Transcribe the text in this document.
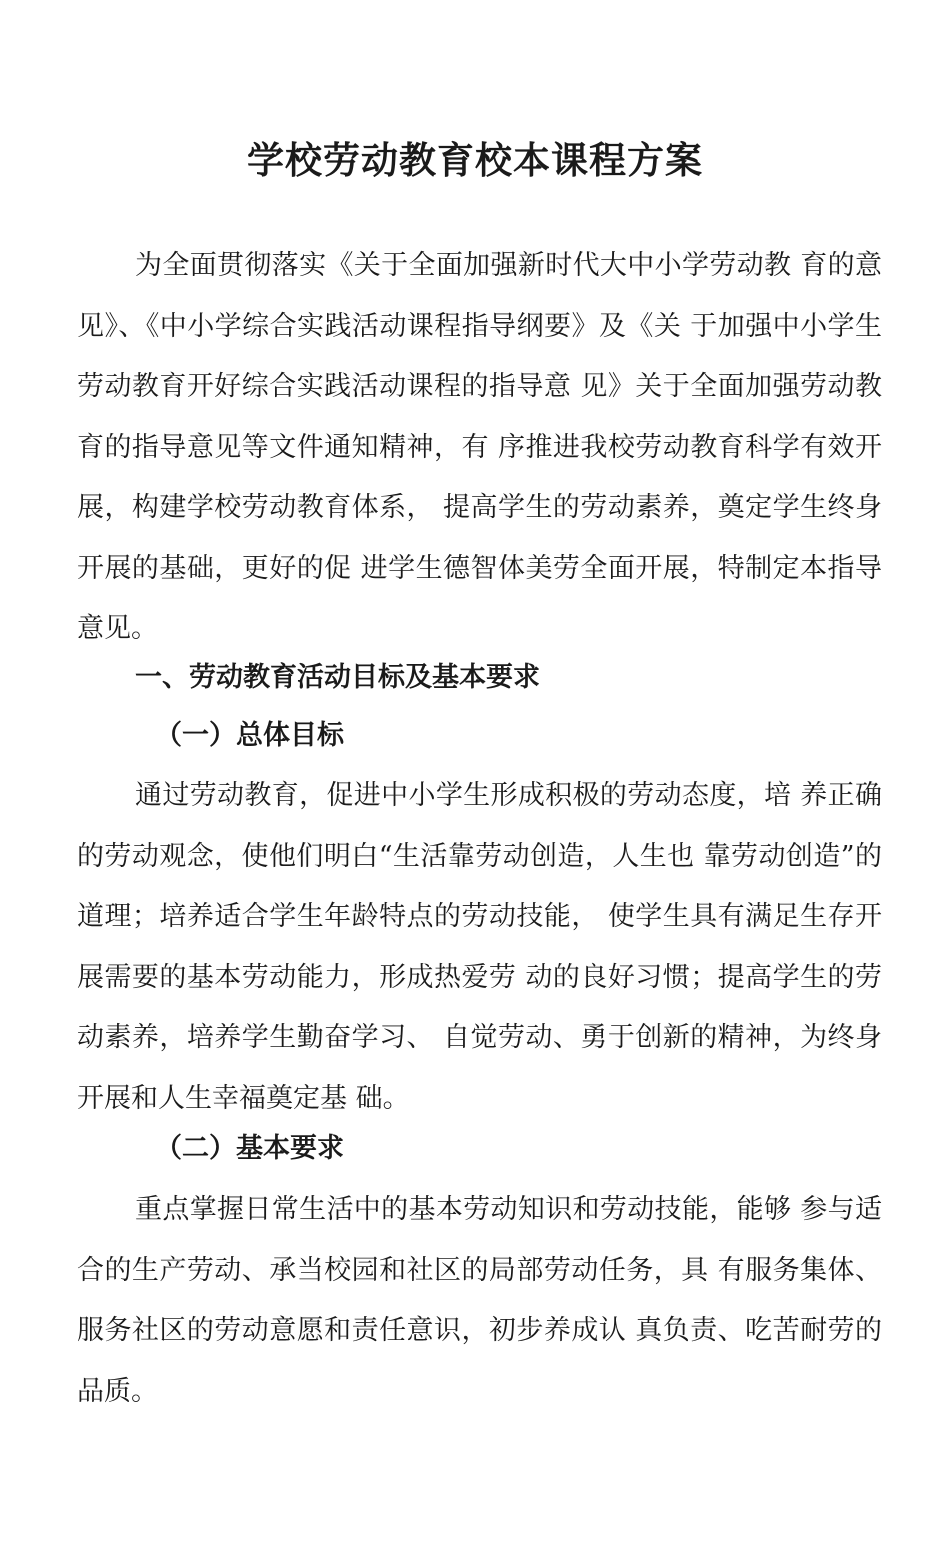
学校劳动教育校本课程方案

为全面贯彻落实《关于全面加强新时代大中小学劳动教 育的意见》、《中小学综合实践活动课程指导纲要》及《关 于加强中小学生劳动教育开好综合实践活动课程的指导意 见》关于全面加强劳动教育的指导意见等文件通知精神，有 序推进我校劳动教育科学有效开展，构建学校劳动教育体系， 提高学生的劳动素养，奠定学生终身开展的基础，更好的促 进学生德智体美劳全面开展，特制定本指导意见。

一、劳动教育活动目标及基本要求
（一）总体目标

通过劳动教育，促进中小学生形成积极的劳动态度，培 养正确的劳动观念，使他们明白“生活靠劳动创造，人生也 靠劳动创造”的道理；培养适合学生年龄特点的劳动技能， 使学生具有满足生存开展需要的基本劳动能力，形成热爱劳 动的良好习惯；提高学生的劳动素养，培养学生勤奋学习、 自觉劳动、勇于创新的精神，为终身开展和人生幸福奠定基 础。

（二）基本要求

重点掌握日常生活中的基本劳动知识和劳动技能，能够 参与适合的生产劳动、承当校园和社区的局部劳动任务，具 有服务集体、服务社区的劳动意愿和责任意识，初步养成认 真负责、吃苦耐劳的品质。
